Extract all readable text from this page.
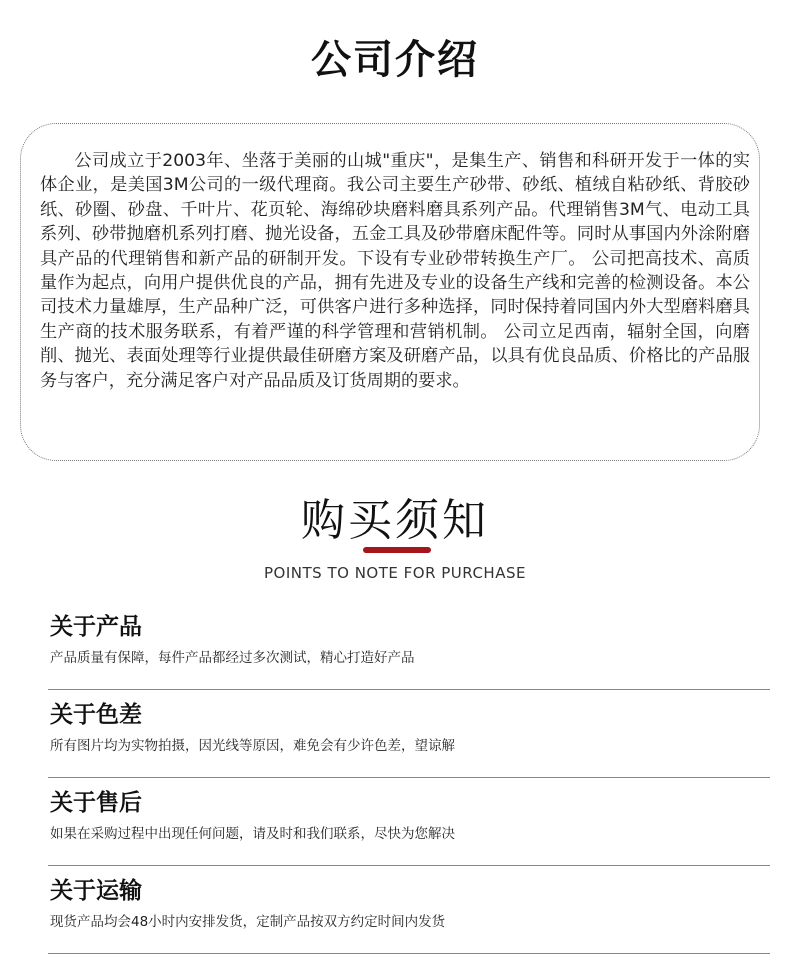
公司介绍

公司成立于2003年、坐落于美丽的山城"重庆"，是集生产、销售和科研开发于一体的实体企业，是美国3M公司的一级代理商。我公司主要生产砂带、砂纸、植绒自粘砂纸、背胶砂纸、砂圈、砂盘、千叶片、花页轮、海绵砂块磨料磨具系列产品。代理销售3M气、电动工具系列、砂带抛磨机系列打磨、抛光设备，五金工具及砂带磨床配件等。同时从事国内外涂附磨具产品的代理销售和新产品的研制开发。下设有专业砂带转换生产厂。 公司把高技术、高质量作为起点，向用户提供优良的产品，拥有先进及专业的设备生产线和完善的检测设备。本公司技术力量雄厚，生产品种广泛，可供客户进行多种选择，同时保持着同国内外大型磨料磨具生产商的技术服务联系，有着严谨的科学管理和营销机制。 公司立足西南，辐射全国，向磨削、抛光、表面处理等行业提供最佳研磨方案及研磨产品，以具有优良品质、价格比的产品服务与客户，充分满足客户对产品品质及订货周期的要求。

购买须知
POINTS TO NOTE FOR PURCHASE
关于产品
产品质量有保障，每件产品都经过多次测试，精心打造好产品
关于色差
所有图片均为实物拍摄，因光线等原因，难免会有少许色差，望谅解
关于售后
如果在采购过程中出现任何问题，请及时和我们联系，尽快为您解决
关于运输
现货产品均会48小时内安排发货，定制产品按双方约定时间内发货
